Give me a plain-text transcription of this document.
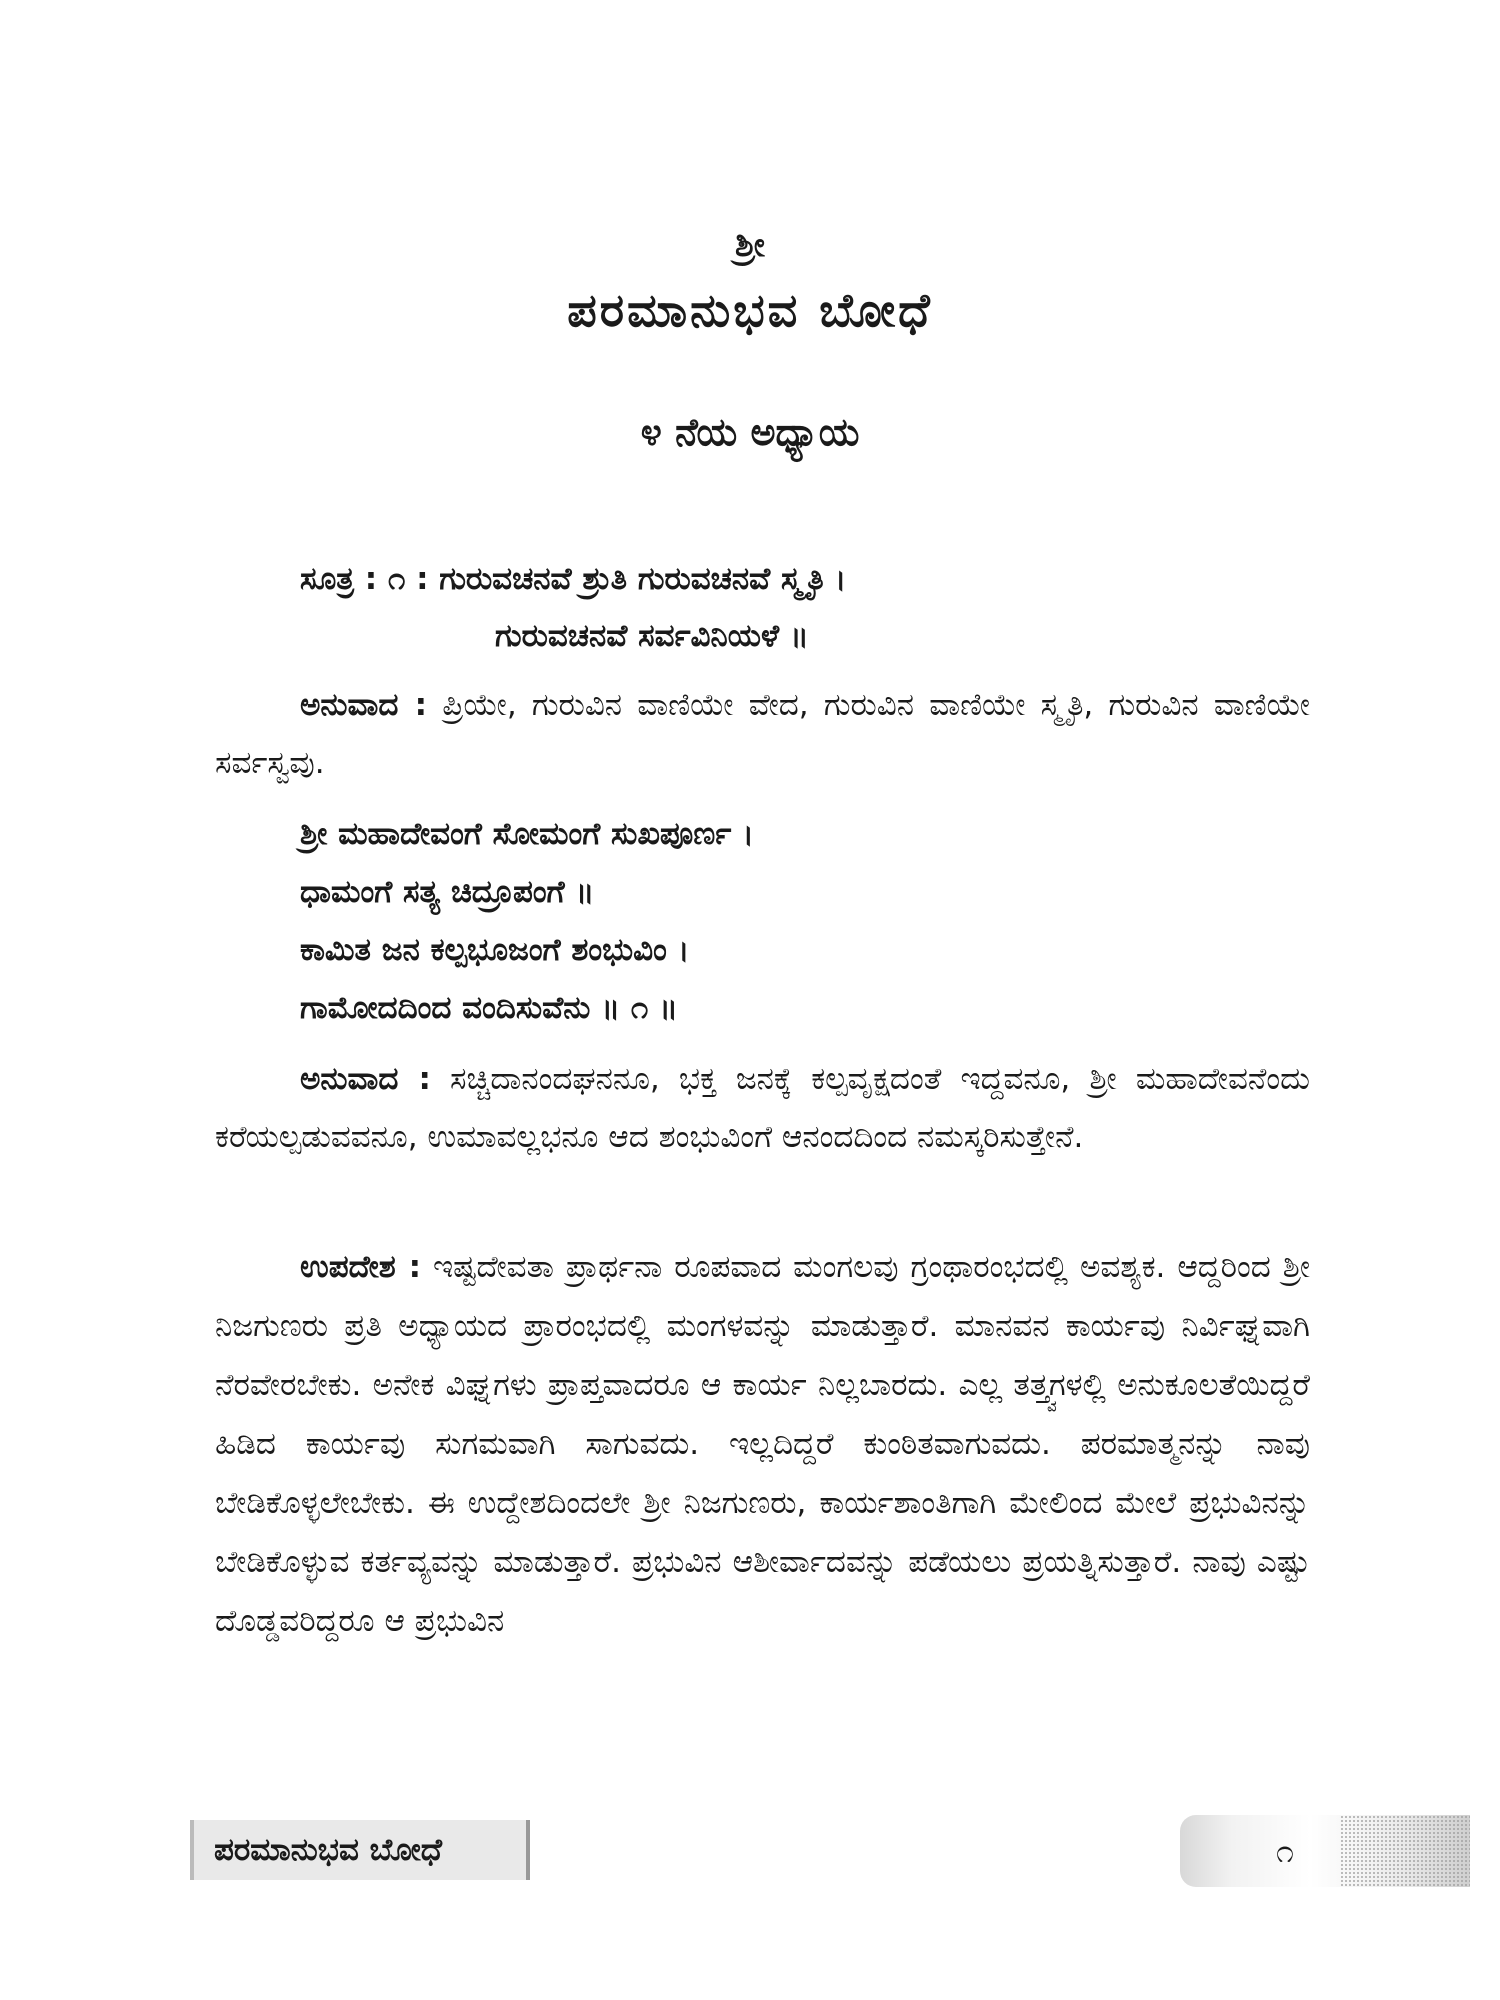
ಶ್ರೀ
ಪರಮಾನುಭವ ಬೋಧೆ
೪ ನೆಯ ಅಧ್ಯಾಯ
ಸೂತ್ರ : ೧ : ಗುರುವಚನವೆ ಶ್ರುತಿ ಗುರುವಚನವೆ ಸ್ಮೃತಿ ।
ಗುರುವಚನವೆ ಸರ್ವವಿನಿಯಳೆ ॥
ಅನುವಾದ : ಪ್ರಿಯೇ, ಗುರುವಿನ ವಾಣಿಯೇ ವೇದ, ಗುರುವಿನ ವಾಣಿಯೇ ಸ್ಮೃತಿ, ಗುರುವಿನ ವಾಣಿಯೇ ಸರ್ವಸ್ವವು.
ಶ್ರೀ ಮಹಾದೇವಂಗೆ ಸೋಮಂಗೆ ಸುಖಪೂರ್ಣ ।
ಧಾಮಂಗೆ ಸತ್ಯ ಚಿದ್ರೂಪಂಗೆ ॥
ಕಾಮಿತ ಜನ ಕಲ್ಪಭೂಜಂಗೆ ಶಂಭುವಿಂ ।
ಗಾಮೋದದಿಂದ ವಂದಿಸುವೆನು ॥ ೧ ॥
ಅನುವಾದ : ಸಚ್ಚಿದಾನಂದಘನನೂ, ಭಕ್ತ ಜನಕ್ಕೆ ಕಲ್ಪವೃಕ್ಷದಂತೆ ಇದ್ದವನೂ, ಶ್ರೀ ಮಹಾದೇವನೆಂದು ಕರೆಯಲ್ಪಡುವವನೂ, ಉಮಾವಲ್ಲಭನೂ ಆದ ಶಂಭುವಿಂಗೆ ಆನಂದದಿಂದ ನಮಸ್ಕರಿಸುತ್ತೇನೆ.
ಉಪದೇಶ : ಇಷ್ಟದೇವತಾ ಪ್ರಾರ್ಥನಾ ರೂಪವಾದ ಮಂಗಲವು ಗ್ರಂಥಾರಂಭದಲ್ಲಿ ಅವಶ್ಯಕ. ಆದ್ದರಿಂದ ಶ್ರೀ ನಿಜಗುಣರು ಪ್ರತಿ ಅಧ್ಯಾಯದ ಪ್ರಾರಂಭದಲ್ಲಿ ಮಂಗಳವನ್ನು ಮಾಡುತ್ತಾರೆ. ಮಾನವನ ಕಾರ್ಯವು ನಿರ್ವಿಘ್ನವಾಗಿ ನೆರವೇರಬೇಕು. ಅನೇಕ ವಿಘ್ನಗಳು ಪ್ರಾಪ್ತವಾದರೂ ಆ ಕಾರ್ಯ ನಿಲ್ಲಬಾರದು. ಎಲ್ಲ ತತ್ತ್ವಗಳಲ್ಲಿ ಅನುಕೂಲತೆಯಿದ್ದರೆ ಹಿಡಿದ ಕಾರ್ಯವು ಸುಗಮವಾಗಿ ಸಾಗುವದು. ಇಲ್ಲದಿದ್ದರೆ ಕುಂಠಿತವಾಗುವದು. ಪರಮಾತ್ಮನನ್ನು ನಾವು ಬೇಡಿಕೊಳ್ಳಲೇಬೇಕು. ಈ ಉದ್ದೇಶದಿಂದಲೇ ಶ್ರೀ ನಿಜಗುಣರು, ಕಾರ್ಯಶಾಂತಿಗಾಗಿ ಮೇಲಿಂದ ಮೇಲೆ ಪ್ರಭುವಿನನ್ನು ಬೇಡಿಕೊಳ್ಳುವ ಕರ್ತವ್ಯವನ್ನು ಮಾಡುತ್ತಾರೆ. ಪ್ರಭುವಿನ ಆಶೀರ್ವಾದವನ್ನು ಪಡೆಯಲು ಪ್ರಯತ್ನಿಸುತ್ತಾರೆ. ನಾವು ಎಷ್ಟು ದೊಡ್ಡವರಿದ್ದರೂ ಆ ಪ್ರಭುವಿನ
ಪರಮಾನುಭವ ಬೋಧೆ	೧
